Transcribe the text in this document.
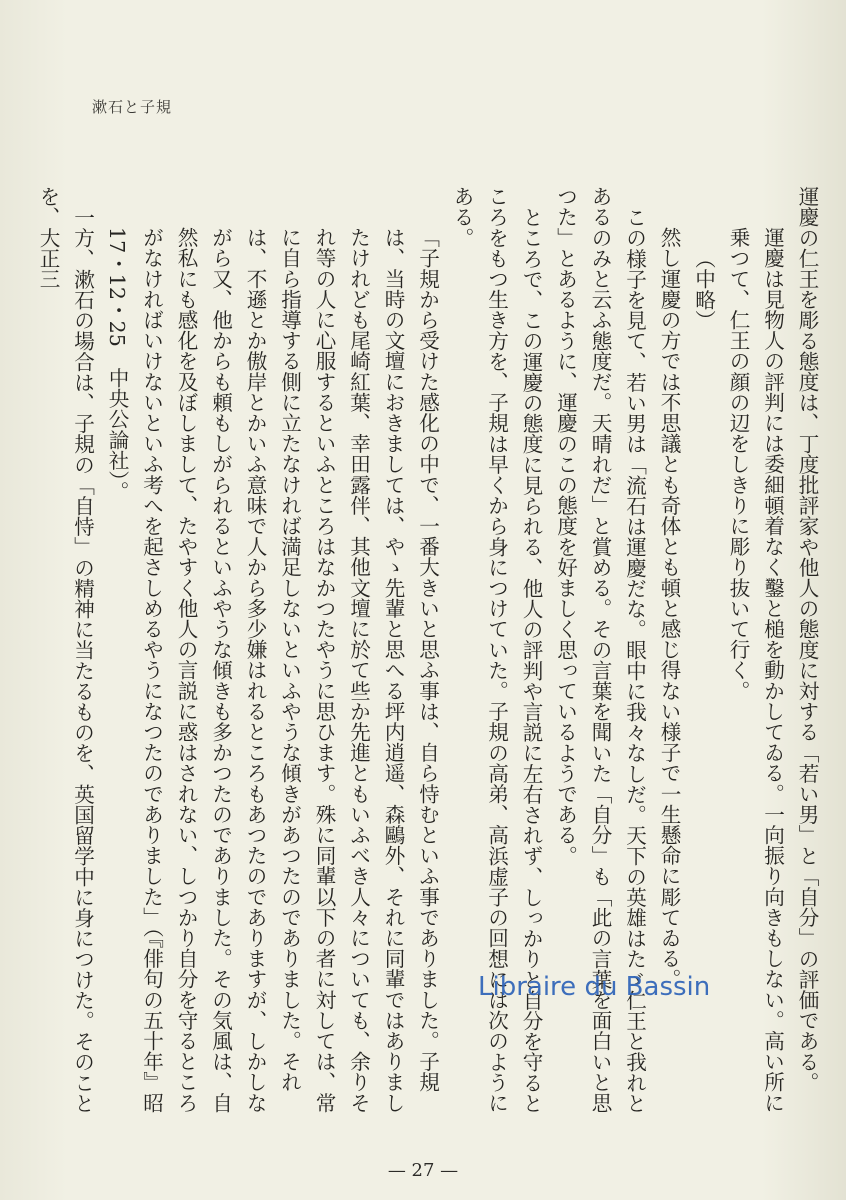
漱石と子規

運慶の仁王を彫る態度は、丁度批評家や他人の態度に対する「若い男」と「自分」の評価である。

運慶は見物人の評判には委細頓着なく鑿と槌を動かしてゐる。一向振り向きもしない。高い所に乗つて、仁王の顔の辺をしきりに彫り抜いて行く。

（中略）

然し運慶の方では不思議とも奇体とも頓と感じ得ない様子で一生懸命に彫てゐる。

この様子を見て、若い男は「流石は運慶だな。眼中に我々なしだ。天下の英雄はたゞ仁王と我れとあるのみと云ふ態度だ。天晴れだ」と賞める。その言葉を聞いた「自分」も「此の言葉を面白いと思つた」とあるように、運慶のこの態度を好ましく思っているようである。

ところで、この運慶の態度に見られる、他人の評判や言説に左右されず、しっかりと自分を守るところをもつ生き方を、子規は早くから身につけていた。子規の高弟、高浜虚子の回想には次のようにある。

「子規から受けた感化の中で、一番大きいと思ふ事は、自ら恃むといふ事でありました。子規は、当時の文壇におきましては、やゝ先輩と思へる坪内逍遥、森鷗外、それに同輩ではありましたけれども尾崎紅葉、幸田露伴、其他文壇に於て些か先進ともいふべき人々についても、余りそれ等の人に心服するといふところはなかつたやうに思ひます。殊に同輩以下の者に対しては、常に自ら指導する側に立たなければ満足しないといふやうな傾きがあつたのでありました。それは、不遜とか傲岸とかいふ意味で人から多少嫌はれるところもあつたのでありますが、しかしながら又、他からも頼もしがられるといふやうな傾きも多かつたのでありました。その気風は、自然私にも感化を及ぼしまして、たやすく他人の言説に惑はされない、しつかり自分を守るところがなければいけないといふ考へを起さしめるやうになつたのでありました」（『俳句の五十年』昭17・12・25　中央公論社）。

一方、漱石の場合は、子規の「自恃」の精神に当たるものを、英国留学中に身につけた。そのことを、大正三

Libraire du Bassin
— 27 —
